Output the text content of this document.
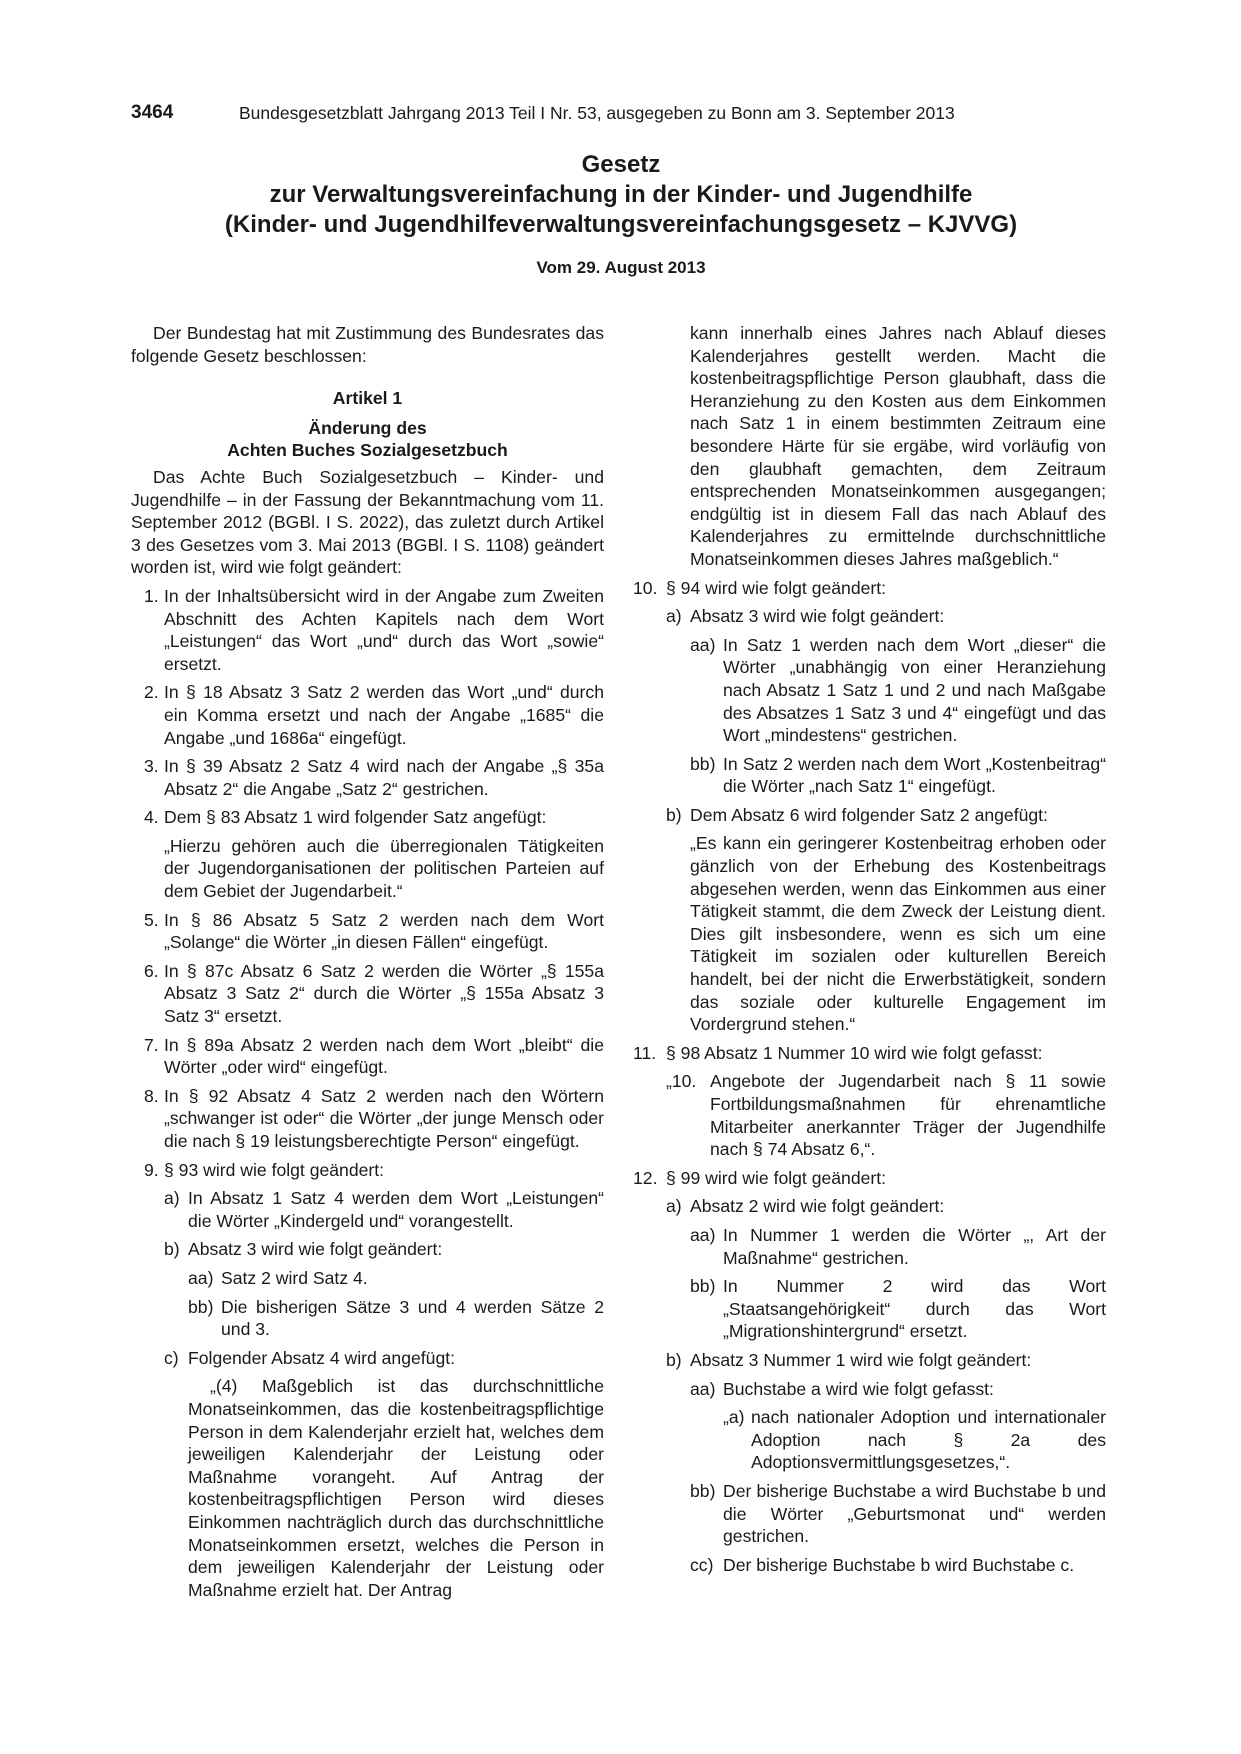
3464	Bundesgesetzblatt Jahrgang 2013 Teil I Nr. 53, ausgegeben zu Bonn am 3. September 2013
Gesetz
zur Verwaltungsvereinfachung in der Kinder- und Jugendhilfe
(Kinder- und Jugendhilfeverwaltungsvereinfachungsgesetz – KJVVG)
Vom 29. August 2013

Der Bundestag hat mit Zustimmung des Bundesrates das folgende Gesetz beschlossen:

Artikel 1

Änderung des

Achten Buches Sozialgesetzbuch

Das Achte Buch Sozialgesetzbuch – Kinder- und Jugendhilfe – in der Fassung der Bekanntmachung vom 11. September 2012 (BGBl. I S. 2022), das zuletzt durch Artikel 3 des Gesetzes vom 3. Mai 2013 (BGBl. I S. 1108) geändert worden ist, wird wie folgt geändert:

1. In der Inhaltsübersicht wird in der Angabe zum Zweiten Abschnitt des Achten Kapitels nach dem Wort „Leistungen“ das Wort „und“ durch das Wort „sowie“ ersetzt.
2. In § 18 Absatz 3 Satz 2 werden das Wort „und“ durch ein Komma ersetzt und nach der Angabe „1685“ die Angabe „und 1686a“ eingefügt.
3. In § 39 Absatz 2 Satz 4 wird nach der Angabe „§ 35a Absatz 2“ die Angabe „Satz 2“ gestrichen.
4. Dem § 83 Absatz 1 wird folgender Satz angefügt:
„Hierzu gehören auch die überregionalen Tätigkeiten der Jugendorganisationen der politischen Parteien auf dem Gebiet der Jugendarbeit.“
5. In § 86 Absatz 5 Satz 2 werden nach dem Wort „Solange“ die Wörter „in diesen Fällen“ eingefügt.
6. In § 87c Absatz 6 Satz 2 werden die Wörter „§ 155a Absatz 3 Satz 2“ durch die Wörter „§ 155a Absatz 3 Satz 3“ ersetzt.
7. In § 89a Absatz 2 werden nach dem Wort „bleibt“ die Wörter „oder wird“ eingefügt.
8. In § 92 Absatz 4 Satz 2 werden nach den Wörtern „schwanger ist oder“ die Wörter „der junge Mensch oder die nach § 19 leistungsberechtigte Person“ eingefügt.
9. § 93 wird wie folgt geändert:
a) In Absatz 1 Satz 4 werden dem Wort „Leistungen“ die Wörter „Kindergeld und“ vorangestellt.
b) Absatz 3 wird wie folgt geändert:
aa) Satz 2 wird Satz 4.
bb) Die bisherigen Sätze 3 und 4 werden Sätze 2 und 3.
c) Folgender Absatz 4 wird angefügt:
„(4) Maßgeblich ist das durchschnittliche Monatseinkommen, das die kostenbeitragspflichtige Person in dem Kalenderjahr erzielt hat, welches dem jeweiligen Kalenderjahr der Leistung oder Maßnahme vorangeht. Auf Antrag der kostenbeitragspflichtigen Person wird dieses Einkommen nachträglich durch das durchschnittliche Monatseinkommen ersetzt, welches die Person in dem jeweiligen Kalenderjahr der Leistung oder Maßnahme erzielt hat. Der Antrag
kann innerhalb eines Jahres nach Ablauf dieses Kalenderjahres gestellt werden. Macht die kostenbeitragspflichtige Person glaubhaft, dass die Heranziehung zu den Kosten aus dem Einkommen nach Satz 1 in einem bestimmten Zeitraum eine besondere Härte für sie ergäbe, wird vorläufig von den glaubhaft gemachten, dem Zeitraum entsprechenden Monatseinkommen ausgegangen; endgültig ist in diesem Fall das nach Ablauf des Kalenderjahres zu ermittelnde durchschnittliche Monatseinkommen dieses Jahres maßgeblich.“
10. § 94 wird wie folgt geändert:
a) Absatz 3 wird wie folgt geändert:
aa) In Satz 1 werden nach dem Wort „dieser“ die Wörter „unabhängig von einer Heranziehung nach Absatz 1 Satz 1 und 2 und nach Maßgabe des Absatzes 1 Satz 3 und 4“ eingefügt und das Wort „mindestens“ gestrichen.
bb) In Satz 2 werden nach dem Wort „Kostenbeitrag“ die Wörter „nach Satz 1“ eingefügt.
b) Dem Absatz 6 wird folgender Satz 2 angefügt:
„Es kann ein geringerer Kostenbeitrag erhoben oder gänzlich von der Erhebung des Kostenbeitrags abgesehen werden, wenn das Einkommen aus einer Tätigkeit stammt, die dem Zweck der Leistung dient. Dies gilt insbesondere, wenn es sich um eine Tätigkeit im sozialen oder kulturellen Bereich handelt, bei der nicht die Erwerbstätigkeit, sondern das soziale oder kulturelle Engagement im Vordergrund stehen.“
11. § 98 Absatz 1 Nummer 10 wird wie folgt gefasst:
„10. Angebote der Jugendarbeit nach § 11 sowie Fortbildungsmaßnahmen für ehrenamtliche Mitarbeiter anerkannter Träger der Jugendhilfe nach § 74 Absatz 6,“.
12. § 99 wird wie folgt geändert:
a) Absatz 2 wird wie folgt geändert:
aa) In Nummer 1 werden die Wörter „, Art der Maßnahme“ gestrichen.
bb) In Nummer 2 wird das Wort „Staatsangehörigkeit“ durch das Wort „Migrationshintergrund“ ersetzt.
b) Absatz 3 Nummer 1 wird wie folgt geändert:
aa) Buchstabe a wird wie folgt gefasst:
„a) nach nationaler Adoption und internationaler Adoption nach § 2a des Adoptionsvermittlungsgesetzes,“.
bb) Der bisherige Buchstabe a wird Buchstabe b und die Wörter „Geburtsmonat und“ werden gestrichen.
cc) Der bisherige Buchstabe b wird Buchstabe c.
